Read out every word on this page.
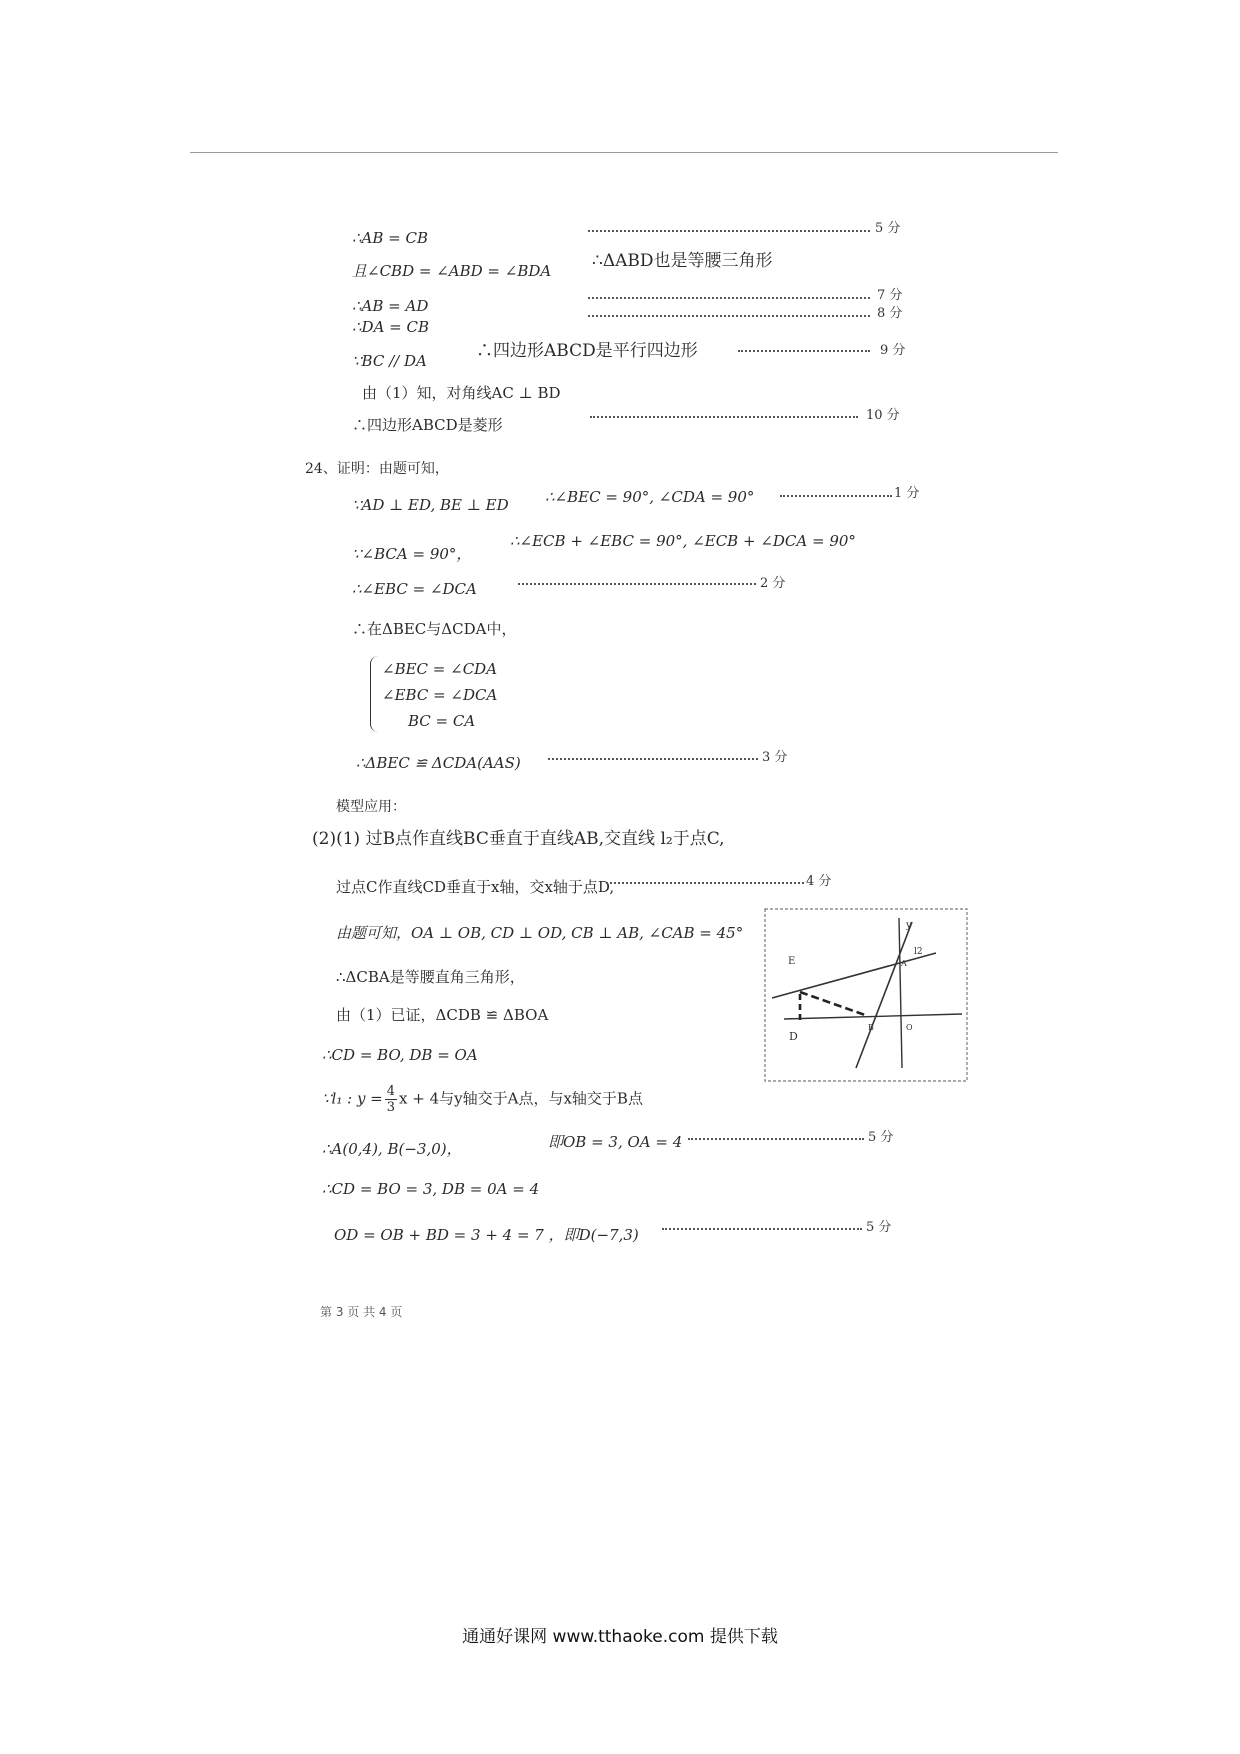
∴AB = CB
5 分
且∠CBD = ∠ABD = ∠BDA ∴ΔABD也是等腰三角形
7 分
∴AB = AD	8 分
∴DA = CB
∵BC // DA	∴四边形ABCD是平行四边形	9 分
由（1）知，对角线AC ⊥ BD
∴四边形ABCD是菱形
10 分
24、证明：由题可知，
∵AD ⊥ ED, BE ⊥ ED ∴∠BEC = 90°, ∠CDA = 90°	1 分
∵∠BCA = 90°，
∴∠ECB + ∠EBC = 90°, ∠ECB + ∠DCA = 90°
∴∠EBC = ∠DCA	2 分
∴在ΔBEC与ΔCDA中，
∠BEC = ∠CDA
∠EBC = ∠DCA
BC = CA
∴ΔBEC ≌ ΔCDA(AAS)	3 分
模型应用：
(2)(1) 过B点作直线BC垂直于直线AB,交直线 l₂于点C,
过点C作直线CD垂直于x轴，交x轴于点D,	4 分
由题可知，OA ⊥ OB, CD ⊥ OD, CB ⊥ AB, ∠CAB = 45°
∴ΔCBA是等腰直角三角形，
由（1）已证，ΔCDB ≌ ΔBOA
∴CD = BO, DB = OA
∵l₁ : $y = \frac{4}{3}$ x + 4与y轴交于A点，与x轴交于B点
∴A(0,4), B(−3,0)，	即OB = 3, OA = 4	5 分
∴CD = BO = 3, DB = 0A = 4
OD = OB + BD = 3 + 4 = 7 ，即D(−7,3)	5 分
y
l2
A
B	O
E
D
第 3 页 共 4 页
通通好课网 www.tthaoke.com 提供下载
